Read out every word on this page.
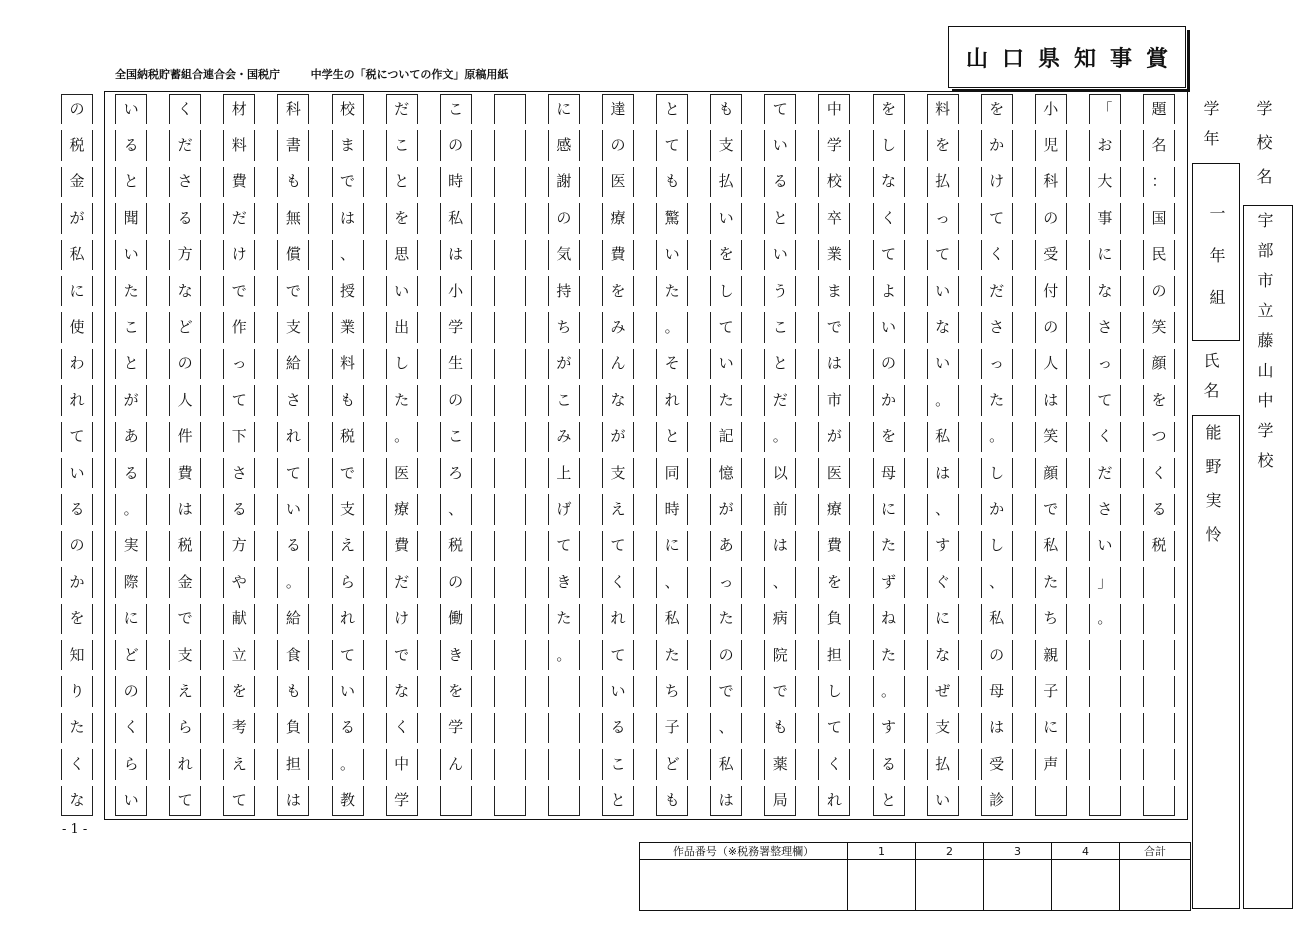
全国納税貯蓄組合連合会・国税庁	中学生の「税についての作文」原稿用紙
山口県知事賞
題
名
：
国
民
の
笑
顔
を
つ
く
る
税
「
お
大
事
に
な
さ
っ
て
く
だ
さ
い
」
。
小
児
科
の
受
付
の
人
は
笑
顔
で
私
た
ち
親
子
に
声
を
か
け
て
く
だ
さ
っ
た
。
し
か
し
、
私
の
母
は
受
診
料
を
払
っ
て
い
な
い
。
私
は
、
す
ぐ
に
な
ぜ
支
払
い
を
し
な
く
て
よ
い
の
か
を
母
に
た
ず
ね
た
。
す
る
と
中
学
校
卒
業
ま
で
は
市
が
医
療
費
を
負
担
し
て
く
れ
て
い
る
と
い
う
こ
と
だ
。
以
前
は
、
病
院
で
も
薬
局
も
支
払
い
を
し
て
い
た
記
憶
が
あ
っ
た
の
で
、
私
は
と
て
も
驚
い
た
。
そ
れ
と
同
時
に
、
私
た
ち
子
ど
も
達
の
医
療
費
を
み
ん
な
が
支
え
て
く
れ
て
い
る
こ
と
に
感
謝
の
気
持
ち
が
こ
み
上
げ
て
き
た
。
こ
の
時
私
は
小
学
生
の
こ
ろ
、
税
の
働
き
を
学
ん
だ
こ
と
を
思
い
出
し
た
。
医
療
費
だ
け
で
な
く
中
学
校
ま
で
は
、
授
業
料
も
税
で
支
え
ら
れ
て
い
る
。
教
科
書
も
無
償
で
支
給
さ
れ
て
い
る
。
給
食
も
負
担
は
材
料
費
だ
け
で
作
っ
て
下
さ
る
方
や
献
立
を
考
え
て
く
だ
さ
る
方
な
ど
の
人
件
費
は
税
金
で
支
え
ら
れ
て
い
る
と
聞
い
た
こ
と
が
あ
る
。
実
際
に
ど
の
く
ら
い
の
税
金
が
私
に
使
わ
れ
て
い
る
の
か
を
知
り
た
く
な
学年
一年組
氏名
能野実怜
学校名
宇部市立藤山中学校
- 1 -
作品番号（※税務署整理欄）	1	2	3	4	合計
